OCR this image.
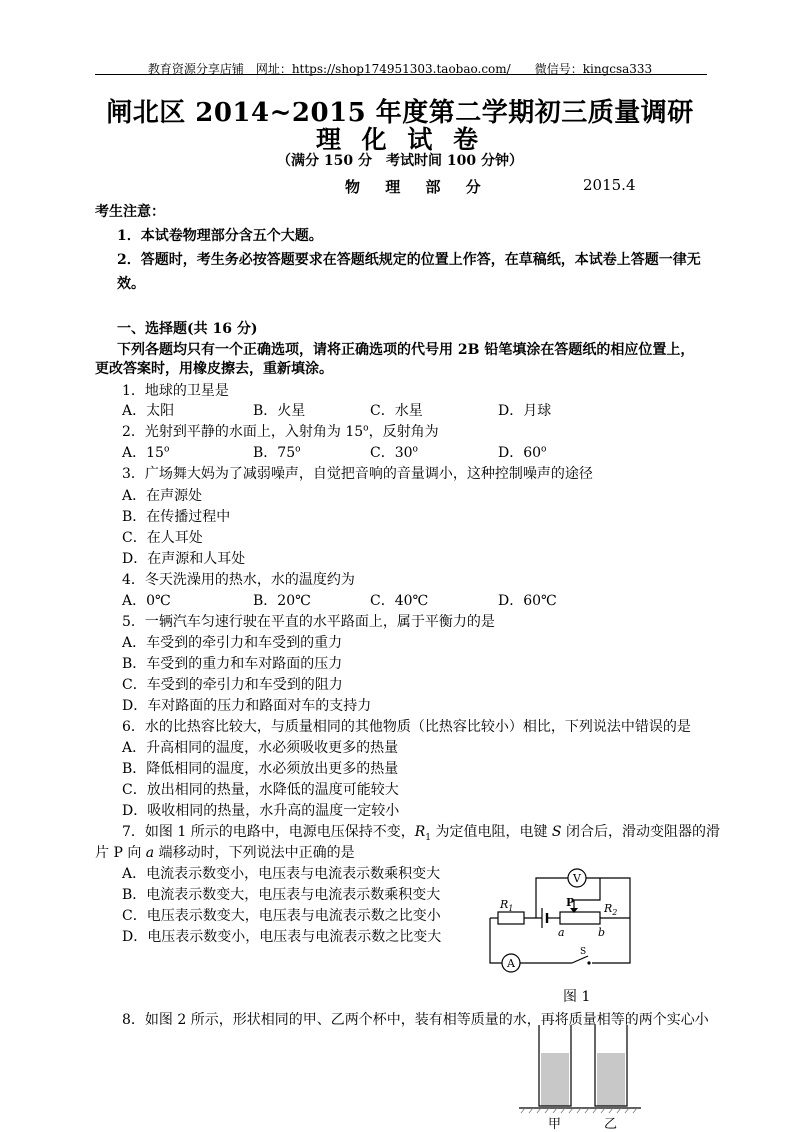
教育资源分享店铺　网址：https://shop174951303.taobao.com/　　微信号：kingcsa333
闸北区 2014~2015 年度第二学期初三质量调研
理 化 试 卷
（满分 150 分　考试时间 100 分钟）
物 理 部 分	2015.4
考生注意：
1．本试卷物理部分含五个大题。
2．答题时，考生务必按答题要求在答题纸规定的位置上作答，在草稿纸，本试卷上答题一律无
效。
一、选择题(共 16 分)
下列各题均只有一个正确选项，请将正确选项的代号用 2B 铅笔填涂在答题纸的相应位置上，
更改答案时，用橡皮擦去，重新填涂。
1．地球的卫星是
A．太阳	B．火星	C．水星	D．月球
2．光射到平静的水面上，入射角为 15$^o$，反射角为
A．15$^o$	B．75$^o$	C．30$^o$	D．60$^o$
3．广场舞大妈为了减弱噪声，自觉把音响的音量调小，这种控制噪声的途径
A．在声源处
B．在传播过程中
C．在人耳处
D．在声源和人耳处
4．冬天洗澡用的热水，水的温度约为
A．0℃	B．20℃	C．40℃	D．60℃
5．一辆汽车匀速行驶在平直的水平路面上，属于平衡力的是
A．车受到的牵引力和车受到的重力
B．车受到的重力和车对路面的压力
C．车受到的牵引力和车受到的阻力
D．车对路面的压力和路面对车的支持力
6．水的比热容比较大，与质量相同的其他物质（比热容比较小）相比，下列说法中错误的是
A．升高相同的温度，水必须吸收更多的热量
B．降低相同的温度，水必须放出更多的热量
C．放出相同的热量，水降低的温度可能较大
D．吸收相同的热量，水升高的温度一定较小
7．如图 1 所示的电路中，电源电压保持不变，$R_1$ 为定值电阻，电键 S 闭合后，滑动变阻器的滑
片 P 向 a 端移动时，下列说法中正确的是
A．电流表示数变小，电压表与电流表示数乘积变大
B．电流表示数变大，电压表与电流表示数乘积变大
C．电压表示数变大，电压表与电流表示数之比变小
D．电压表示数变小，电压表与电流表示数之比变大
A
V
P
$R_1$	$R_2$
a	b
S
图 1
8．如图 2 所示，形状相同的甲、乙两个杯中，装有相等质量的水，再将质量相等的两个实心小
甲	乙
